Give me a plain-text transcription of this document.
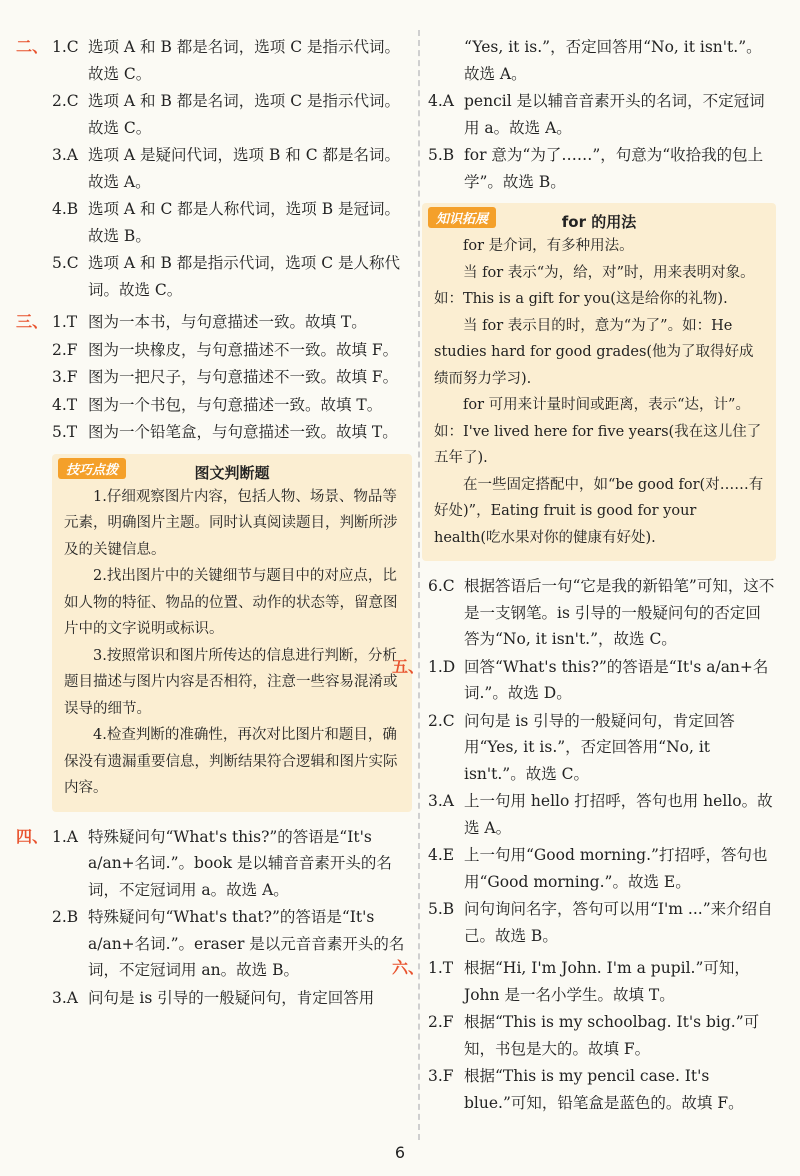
二、 1.C 选项 A 和 B 都是名词，选项 C 是指示代词。故选 C。
2.C 选项 A 和 B 都是名词，选项 C 是指示代词。故选 C。
3.A 选项 A 是疑问代词，选项 B 和 C 都是名词。故选 A。
4.B 选项 A 和 C 都是人称代词，选项 B 是冠词。故选 B。
5.C 选项 A 和 B 都是指示代词，选项 C 是人称代词。故选 C。
三、 1.T 图为一本书，与句意描述一致。故填 T。
2.F 图为一块橡皮，与句意描述不一致。故填 F。
3.F 图为一把尺子，与句意描述不一致。故填 F。
4.T 图为一个书包，与句意描述一致。故填 T。
5.T 图为一个铅笔盒，与句意描述一致。故填 T。
技巧点拨	图文判断题

1.仔细观察图片内容，包括人物、场景、物品等元素，明确图片主题。同时认真阅读题目，判断所涉及的关键信息。

2.找出图片中的关键细节与题目中的对应点，比如人物的特征、物品的位置、动作的状态等，留意图片中的文字说明或标识。

3.按照常识和图片所传达的信息进行判断，分析题目描述与图片内容是否相符，注意一些容易混淆或误导的细节。

4.检查判断的准确性，再次对比图片和题目，确保没有遗漏重要信息，判断结果符合逻辑和图片实际内容。

四、 1.A 特殊疑问句“What's this?”的答语是“It's a/an+名词.”。book 是以辅音音素开头的名词，不定冠词用 a。故选 A。
2.B 特殊疑问句“What's that?”的答语是“It's a/an+名词.”。eraser 是以元音音素开头的名词，不定冠词用 an。故选 B。
3.A 问句是 is 引导的一般疑问句，肯定回答用
“Yes, it is.”，否定回答用“No, it isn't.”。故选 A。
4.A pencil 是以辅音音素开头的名词，不定冠词用 a。故选 A。
5.B for 意为“为了……”，句意为“收拾我的包上学”。故选 B。
知识拓展	for 的用法

for 是介词，有多种用法。

当 for 表示“为，给，对”时，用来表明对象。如：This is a gift for you(这是给你的礼物).

当 for 表示目的时，意为“为了”。如：He studies hard for good grades(他为了取得好成绩而努力学习).

for 可用来计量时间或距离，表示“达，计”。如：I've lived here for five years(我在这儿住了五年了).

在一些固定搭配中，如“be good for(对……有好处)”，Eating fruit is good for your health(吃水果对你的健康有好处).

6.C 根据答语后一句“它是我的新铅笔”可知，这不是一支钢笔。is 引导的一般疑问句的否定回答为“No, it isn't.”，故选 C。
五、 1.D 回答“What's this?”的答语是“It's a/an+名词.”。故选 D。
2.C 问句是 is 引导的一般疑问句，肯定回答用“Yes, it is.”，否定回答用“No, it isn't.”。故选 C。
3.A 上一句用 hello 打招呼，答句也用 hello。故选 A。
4.E 上一句用“Good morning.”打招呼，答句也用“Good morning.”。故选 E。
5.B 问句询问名字，答句可以用“I'm ...”来介绍自己。故选 B。
六、 1.T 根据“Hi, I'm John. I'm a pupil.”可知，John 是一名小学生。故填 T。
2.F 根据“This is my schoolbag. It's big.”可知，书包是大的。故填 F。
3.F 根据“This is my pencil case. It's blue.”可知，铅笔盒是蓝色的。故填 F。
6
